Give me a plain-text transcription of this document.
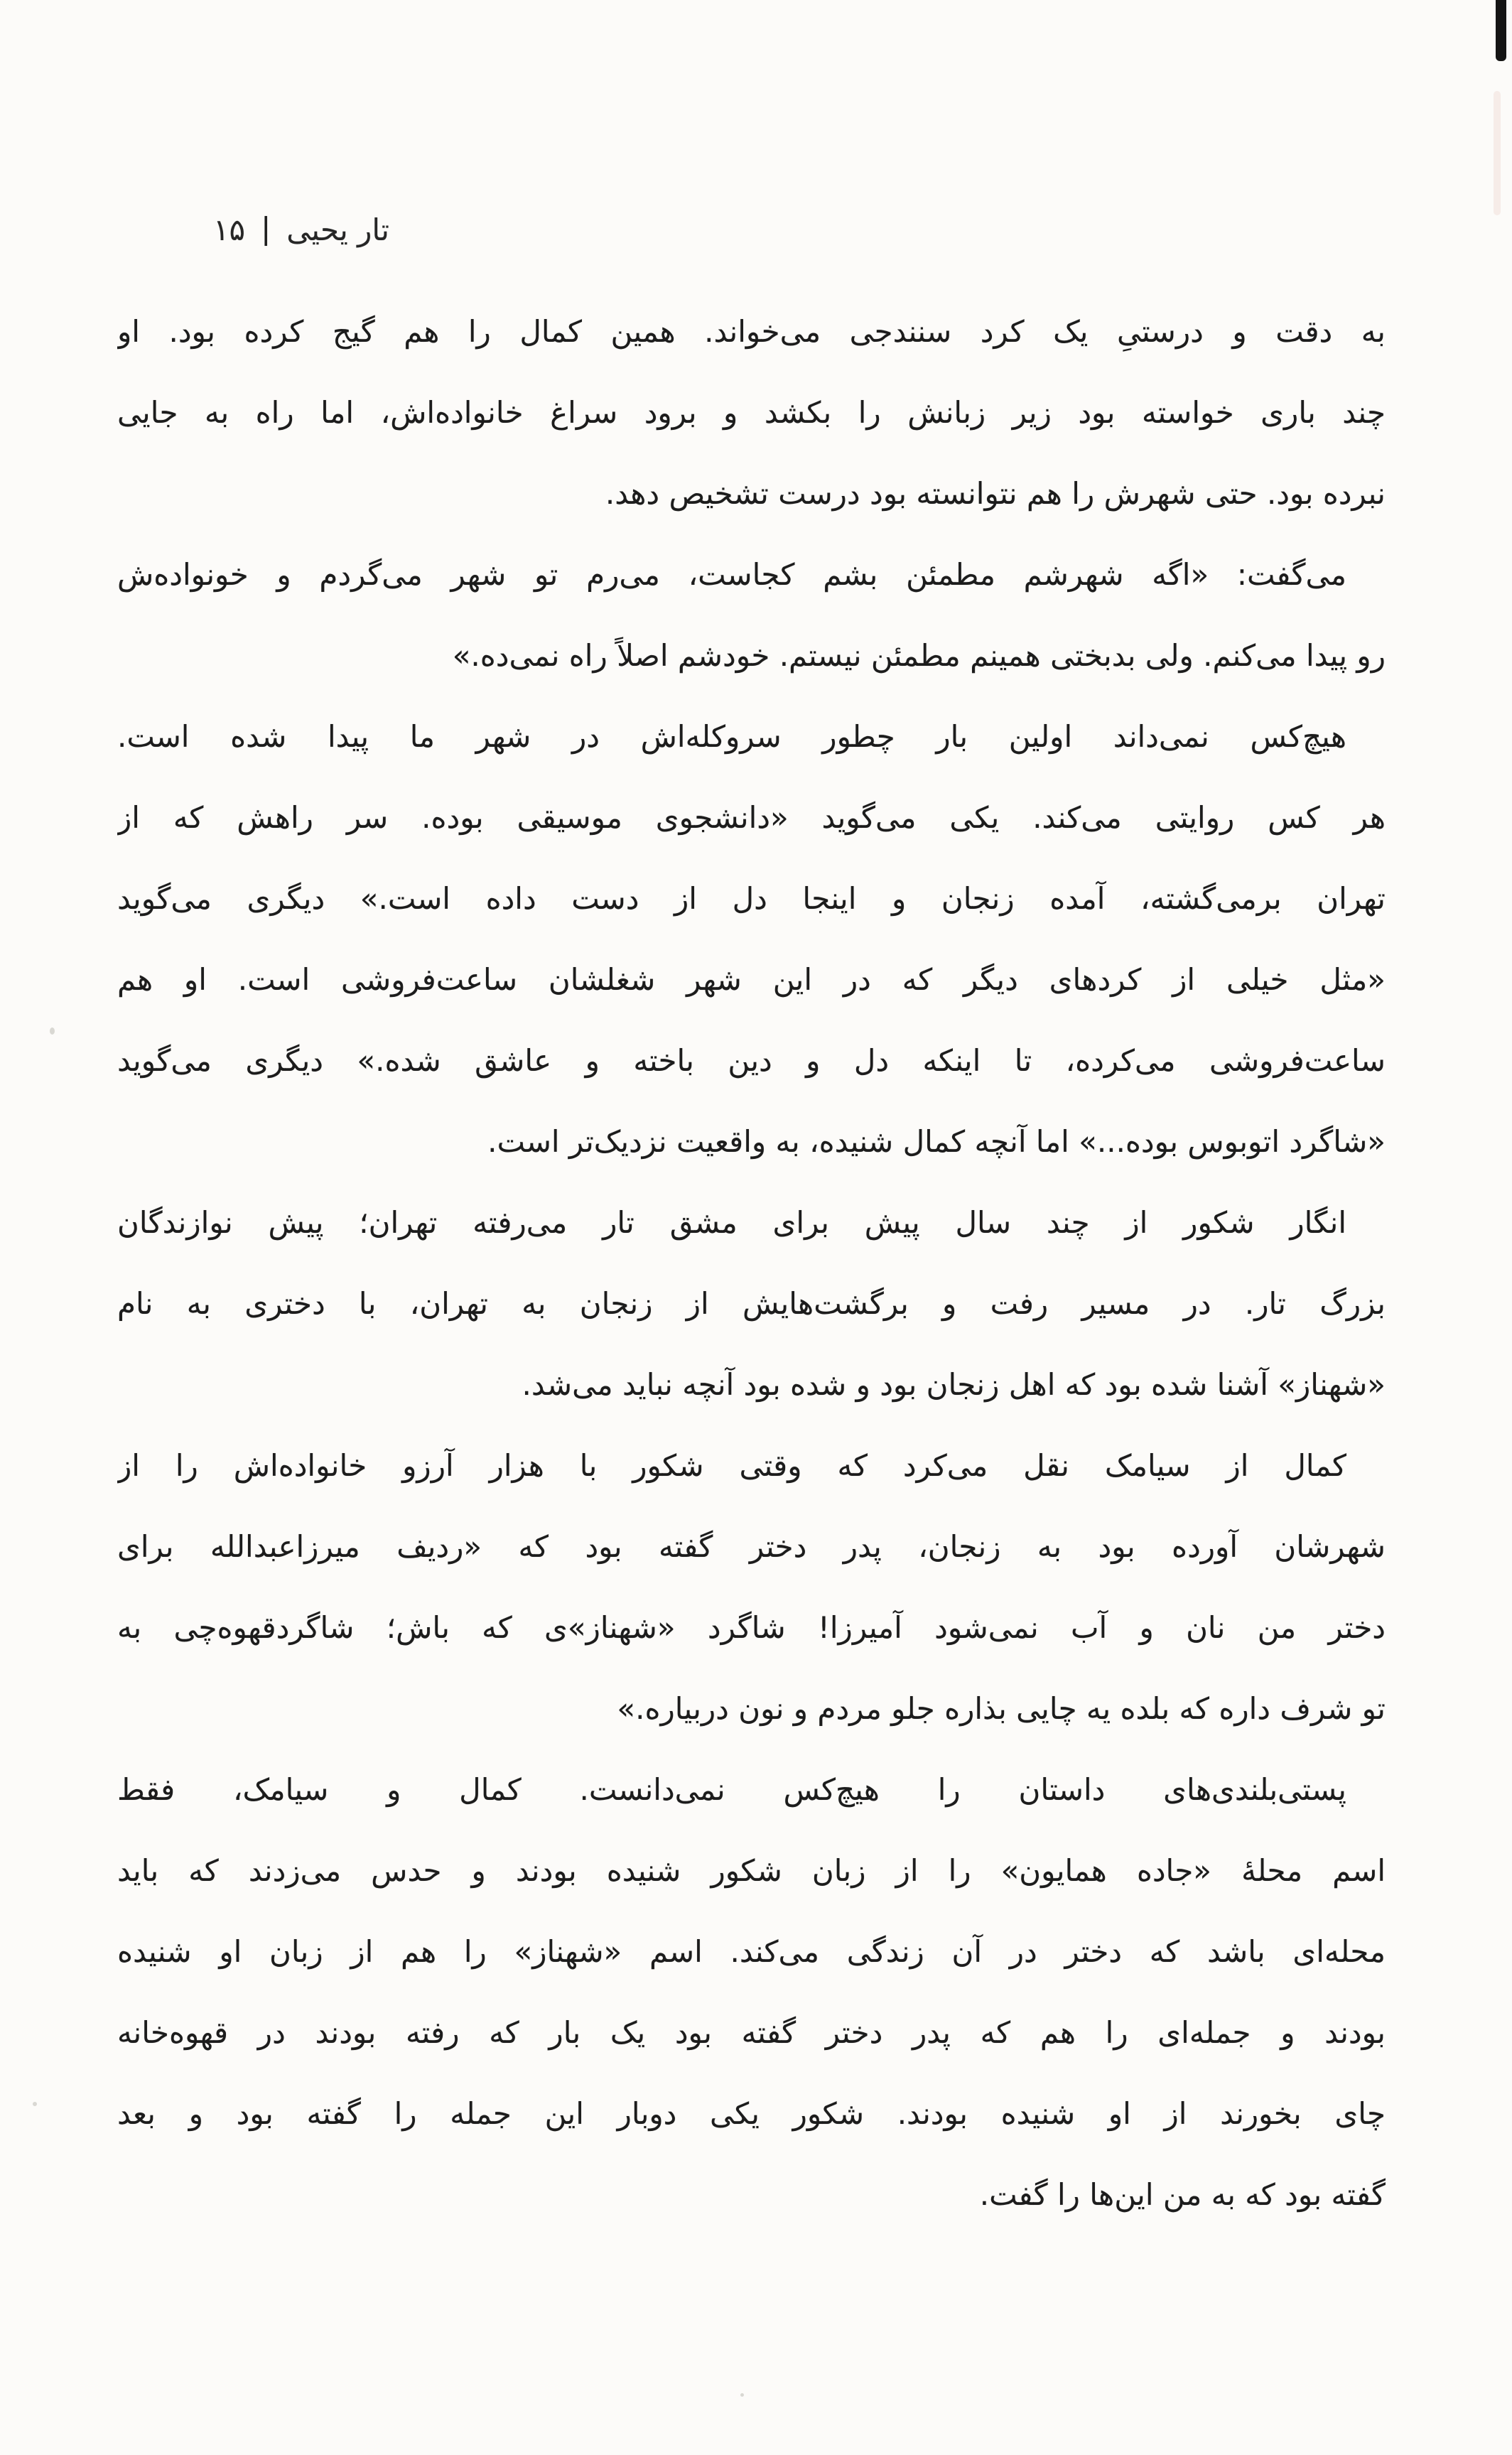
تار یحیی|۱۵
به دقت و درستیِ یک کرد سنندجی می‌خواند. همین کمال را هم گیج کرده بود. او
چند باری خواسته بود زیر زبانش را بکشد و برود سراغ خانواده‌اش، اما راه به جایی
نبرده بود. حتی شهرش را هم نتوانسته بود درست تشخیص دهد.
می‌گفت: «اگه شهرشم مطمئن بشم کجاست، می‌رم تو شهر می‌گردم و خونواده‌ش
رو پیدا می‌کنم. ولی بدبختی همینم مطمئن نیستم. خودشم اصلاً راه نمی‌ده.»
هیچ‌کس نمی‌داند اولین بار چطور سروکله‌اش در شهر ما پیدا شده است.
هر کس روایتی می‌کند. یکی می‌گوید «دانشجوی موسیقی بوده. سر راهش که از
تهران برمی‌گشته، آمده زنجان و اینجا دل از دست داده است.» دیگری می‌گوید
«مثل خیلی از کردهای دیگر که در این شهر شغلشان ساعت‌فروشی است. او هم
ساعت‌فروشی می‌کرده، تا اینکه دل و دین باخته و عاشق شده.» دیگری می‌گوید
«شاگرد اتوبوس بوده...» اما آنچه کمال شنیده، به واقعیت نزدیک‌تر است.
انگار شکور از چند سال پیش برای مشق تار می‌رفته تهران؛ پیش نوازندگان
بزرگ تار. در مسیر رفت و برگشت‌هایش از زنجان به تهران، با دختری به نام
«شهناز» آشنا شده بود که اهل زنجان بود و شده بود آنچه نباید می‌شد.
کمال از سیامک نقل می‌کرد که وقتی شکور با هزار آرزو خانواده‌اش را از
شهرشان آورده بود به زنجان، پدر دختر گفته بود که «ردیف میرزاعبدالله برای
دختر من نان و آب نمی‌شود آمیرزا! شاگرد «شهناز»ی که باش؛ شاگردقهوه‌چی به
تو شرف داره که بلده یه چایی بذاره جلو مردم و نون دربیاره.»
پستی‌بلندی‌های داستان را هیچ‌کس نمی‌دانست. کمال و سیامک، فقط
اسم محلهٔ «جاده همایون» را از زبان شکور شنیده بودند و حدس می‌زدند که باید
محله‌ای باشد که دختر در آن زندگی می‌کند. اسم «شهناز» را هم از زبان او شنیده
بودند و جمله‌ای را هم که پدر دختر گفته بود یک بار که رفته بودند در قهوه‌خانه
چای بخورند از او شنیده بودند. شکور یکی دوبار این جمله را گفته بود و بعد
گفته بود که به من این‌ها را گفت.
